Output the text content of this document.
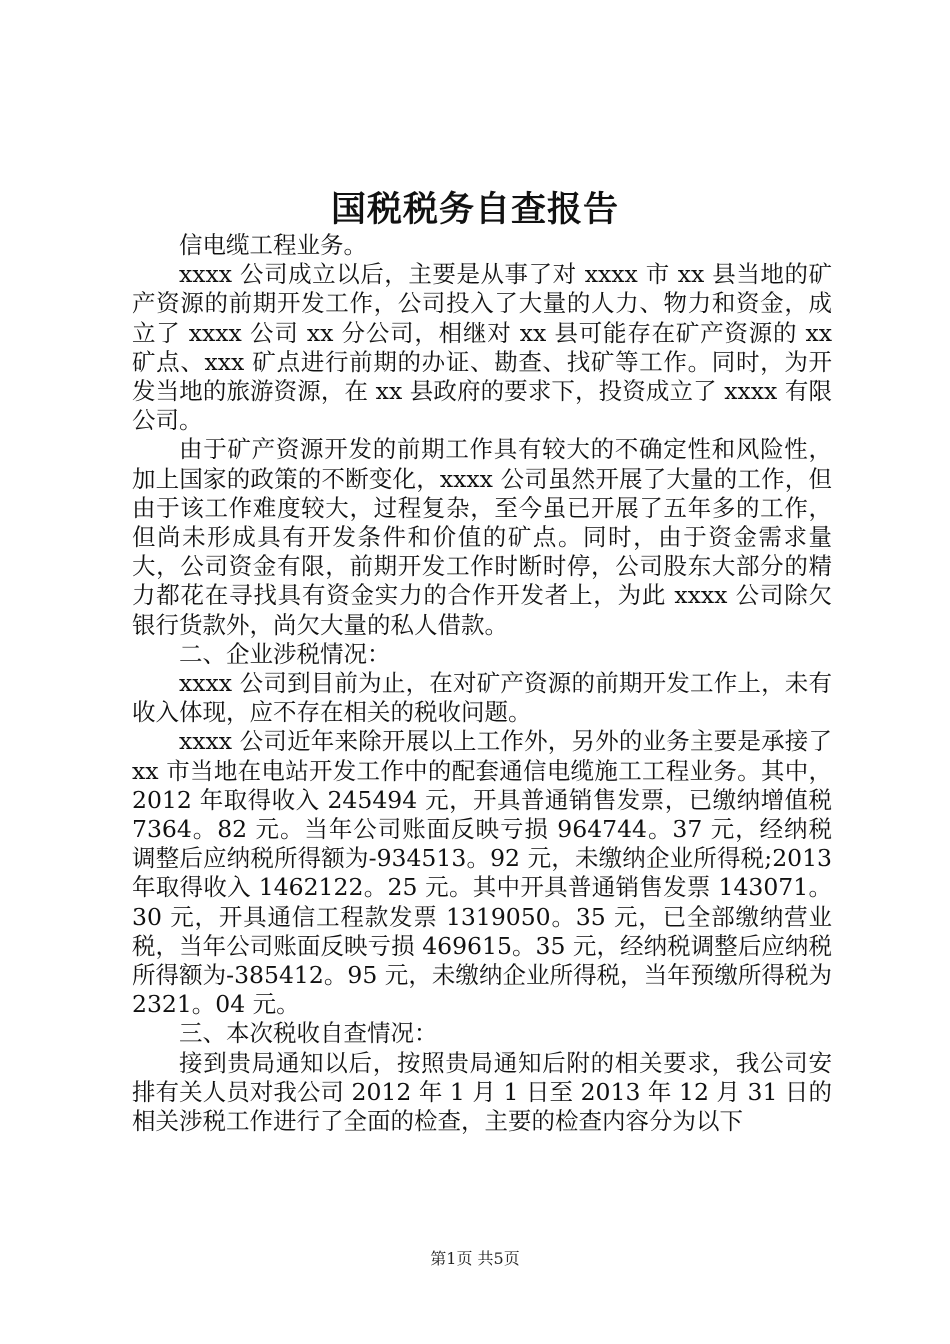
国税税务自查报告

信电缆工程业务。

xxxx 公司成立以后，主要是从事了对 xxxx 市 xx 县当地的矿产资源的前期开发工作，公司投入了大量的人力、物力和资金，成立了 xxxx 公司 xx 分公司，相继对 xx 县可能存在矿产资源的 xx 矿点、xxx 矿点进行前期的办证、勘查、找矿等工作。同时，为开发当地的旅游资源，在 xx 县政府的要求下，投资成立了 xxxx 有限公司。

由于矿产资源开发的前期工作具有较大的不确定性和风险性，加上国家的政策的不断变化，xxxx 公司虽然开展了大量的工作，但由于该工作难度较大，过程复杂，至今虽已开展了五年多的工作，但尚未形成具有开发条件和价值的矿点。同时，由于资金需求量大，公司资金有限，前期开发工作时断时停，公司股东大部分的精力都花在寻找具有资金实力的合作开发者上，为此 xxxx 公司除欠银行货款外，尚欠大量的私人借款。

二、企业涉税情况：

xxxx 公司到目前为止，在对矿产资源的前期开发工作上，未有收入体现，应不存在相关的税收问题。

xxxx 公司近年来除开展以上工作外，另外的业务主要是承接了 xx 市当地在电站开发工作中的配套通信电缆施工工程业务。其中，2012 年取得收入 245494 元，开具普通销售发票，已缴纳增值税 7364。82 元。当年公司账面反映亏损 964744。37 元，经纳税调整后应纳税所得额为-934513。92 元，未缴纳企业所得税;2013 年取得收入 1462122。25 元。其中开具普通销售发票 143071。30 元，开具通信工程款发票 1319050。35 元，已全部缴纳营业税，当年公司账面反映亏损 469615。35 元，经纳税调整后应纳税所得额为-385412。95 元，未缴纳企业所得税，当年预缴所得税为 2321。04 元。

三、本次税收自查情况：

接到贵局通知以后，按照贵局通知后附的相关要求，我公司安排有关人员对我公司 2012 年 1 月 1 日至 2013 年 12 月 31 日的相关涉税工作进行了全面的检查，主要的检查内容分为以下

第1页 共5页
